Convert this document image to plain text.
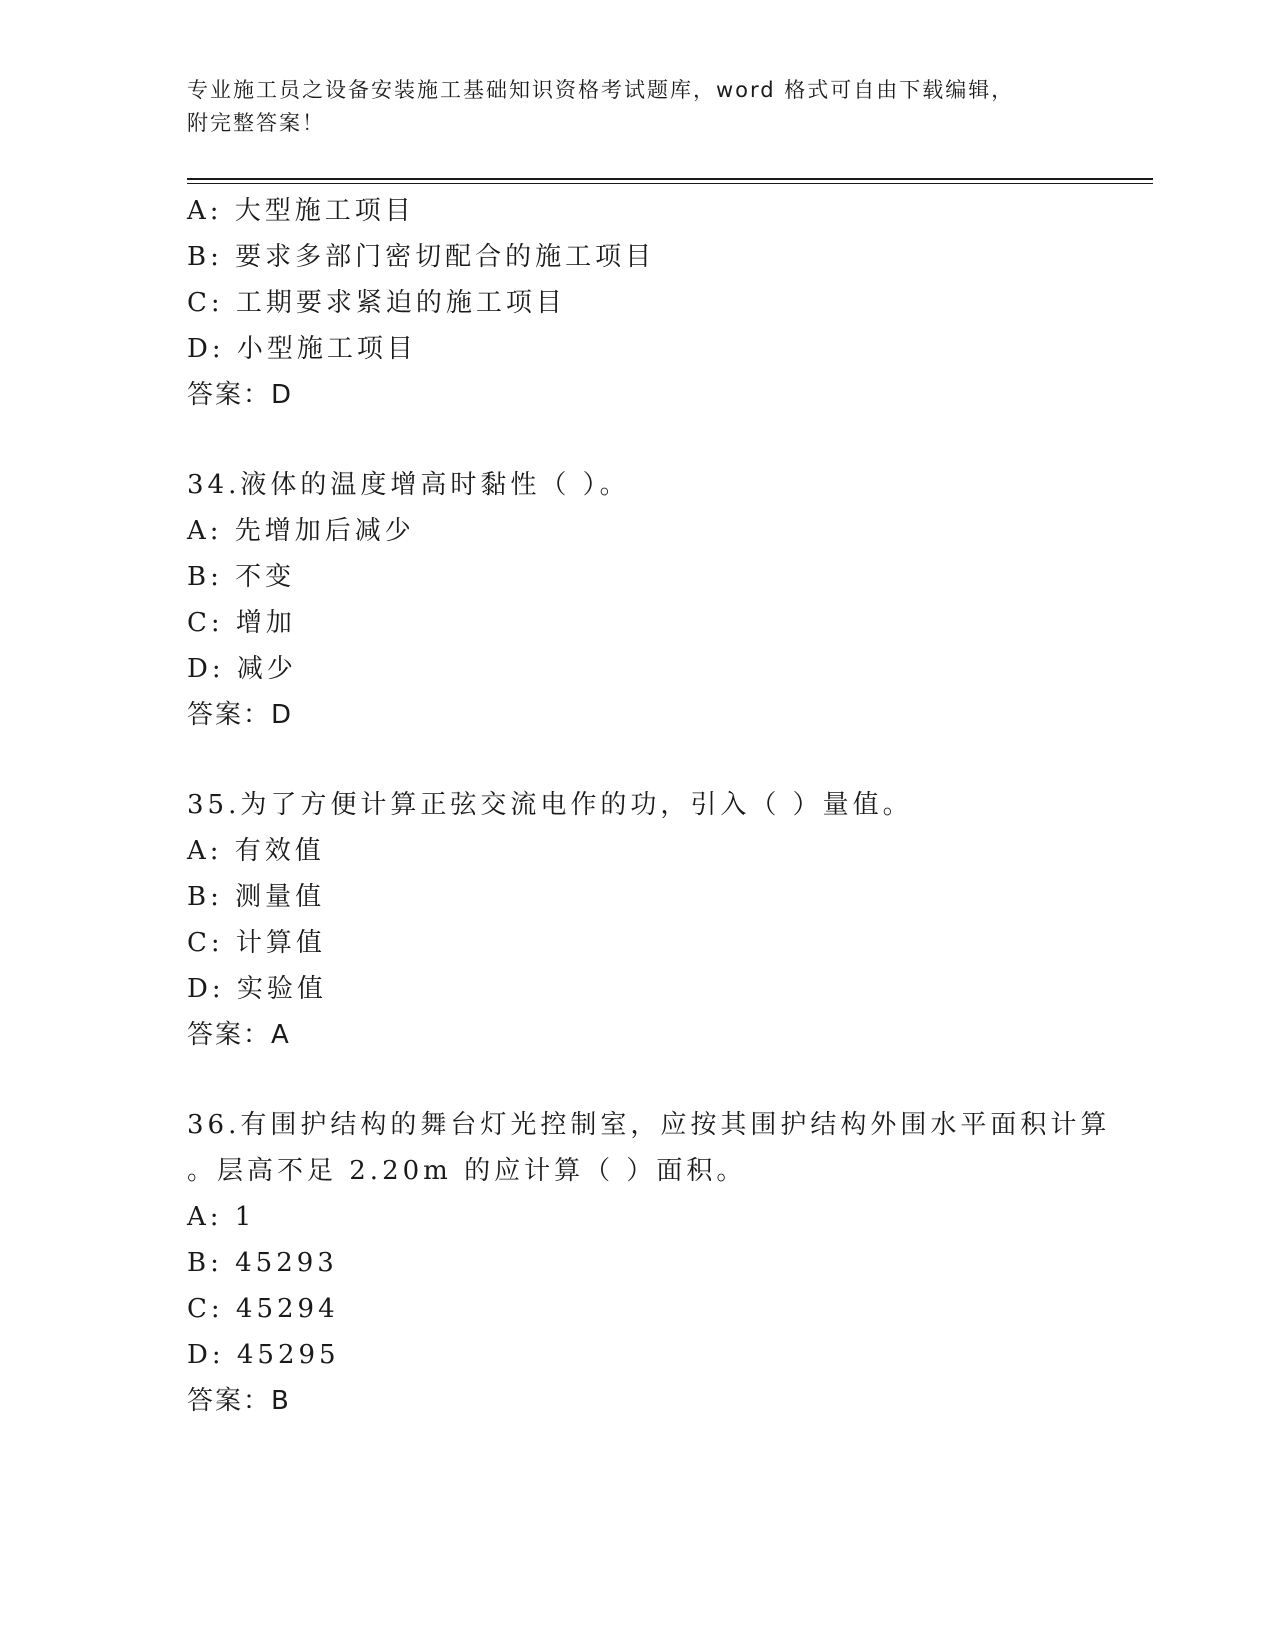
专业施工员之设备安装施工基础知识资格考试题库，word 格式可自由下载编辑，
附完整答案！
A: 大型施工项目
B: 要求多部门密切配合的施工项目
C: 工期要求紧迫的施工项目
D: 小型施工项目
答案：D
34.液体的温度增高时黏性（ ）。
A: 先增加后减少
B: 不变
C: 增加
D: 减少
答案：D
35.为了方便计算正弦交流电作的功，引入（ ）量值。
A: 有效值
B: 测量值
C: 计算值
D: 实验值
答案：A
36.有围护结构的舞台灯光控制室，应按其围护结构外围水平面积计算
。层高不足 2.20m 的应计算（ ）面积。
A: 1
B: 45293
C: 45294
D: 45295
答案：B
